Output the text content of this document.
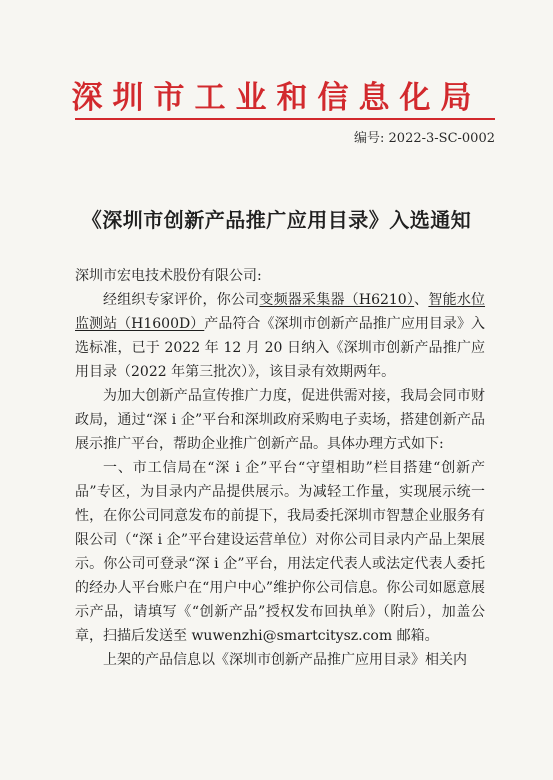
深圳市工业和信息化局
编号: 2022-3-SC-0002
《深圳市创新产品推广应用目录》入选通知

深圳市宏电技术股份有限公司:

经组织专家评价，你公司变频器采集器（H6210）、智能水位监测站（H1600D）产品符合《深圳市创新产品推广应用目录》入选标准，已于 2022 年 12 月 20 日纳入《深圳市创新产品推广应用目录（2022 年第三批次）》，该目录有效期两年。

为加大创新产品宣传推广力度，促进供需对接，我局会同市财政局，通过“深 i 企”平台和深圳政府采购电子卖场，搭建创新产品展示推广平台，帮助企业推广创新产品。具体办理方式如下:

一、市工信局在“深 i 企”平台“守望相助”栏目搭建“创新产品”专区，为目录内产品提供展示。为减轻工作量，实现展示统一性，在你公司同意发布的前提下，我局委托深圳市智慧企业服务有限公司（“深 i 企”平台建设运营单位）对你公司目录内产品上架展示。你公司可登录“深 i 企”平台，用法定代表人或法定代表人委托的经办人平台账户在“用户中心”维护你公司信息。你公司如愿意展示产品，请填写《“创新产品”授权发布回执单》（附后），加盖公章，扫描后发送至 wuwenzhi@smartcitysz.com 邮箱。

上架的产品信息以《深圳市创新产品推广应用目录》相关内
